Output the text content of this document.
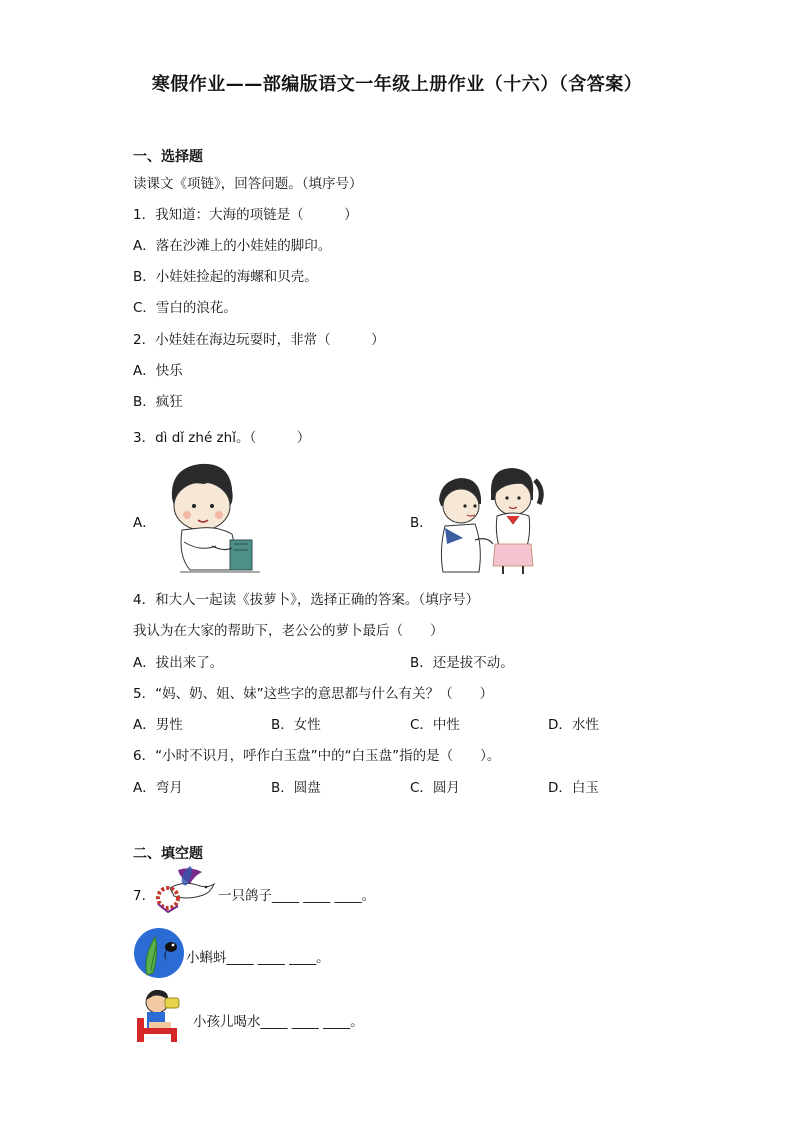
寒假作业——部编版语文一年级上册作业（十六）（含答案）
一、选择题
读课文《项链》，回答问题。（填序号）
1．我知道：大海的项链是（　　　）
A．落在沙滩上的小娃娃的脚印。
B．小娃娃捡起的海螺和贝壳。
C．雪白的浪花。
2．小娃娃在海边玩耍时，非常（　　　）
A．快乐
B．疯狂
3．dì dǐ zhé zhǐ。（　　　）
A．	B．
4．和大人一起读《拔萝卜》，选择正确的答案。（填序号）
我认为在大家的帮助下，老公公的萝卜最后（　　）
A．拔出来了。	B．还是拔不动。
5．“妈、奶、姐、妹”这些字的意思都与什么有关？（　　）
A．男性	B．女性	C．中性	D．水性
6．“小时不识月，呼作白玉盘”中的“白玉盘”指的是（　　）。
A．弯月	B．圆盘	C．圆月	D．白玉
二、填空题
7．	一只鸽子____ ____ ____。
小蝌蚪____ ____ ____。
小孩儿喝水____ ____ ____。
